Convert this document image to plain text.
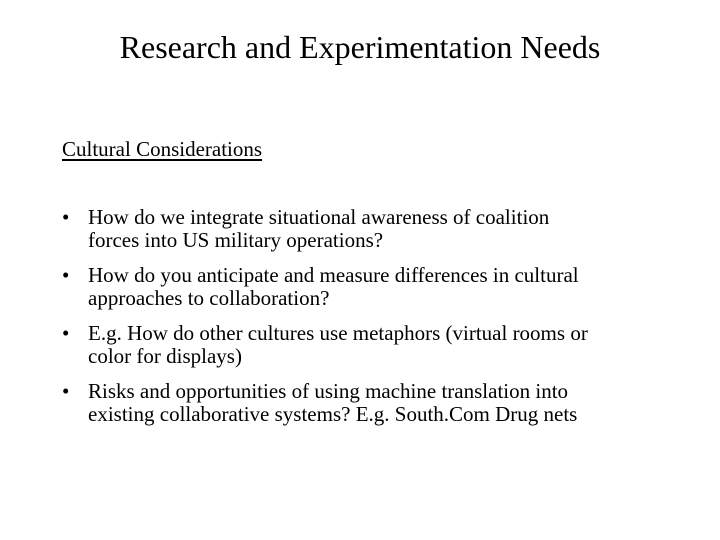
Research and Experimentation Needs
Cultural Considerations
• How do we integrate situational awareness of coalition
forces into US military operations?
• How do you anticipate and measure differences in cultural
approaches to collaboration?
• E.g. How do other cultures use metaphors (virtual rooms or
color for displays)
• Risks and opportunities of using machine translation into
existing collaborative systems? E.g. South.Com Drug nets
